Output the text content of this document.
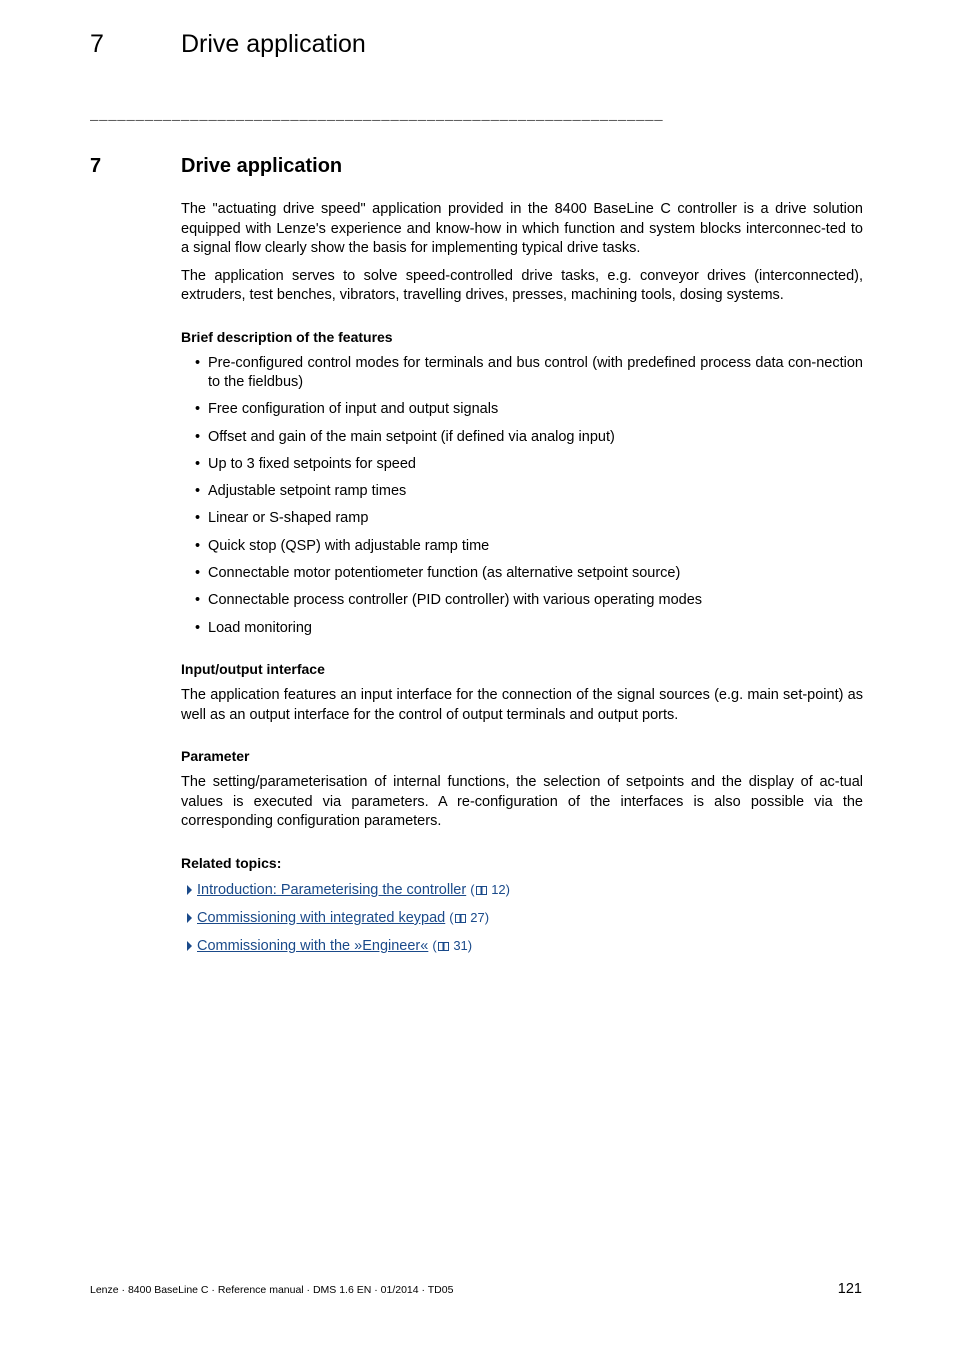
7	Drive application
_______________________________________________________________
7	Drive application

The "actuating drive speed" application provided in the 8400 BaseLine C controller is a drive solution equipped with Lenze's experience and know-how in which function and system blocks interconnec-ted to a signal flow clearly show the basis for implementing typical drive tasks.

The application serves to solve speed-controlled drive tasks, e.g. conveyor drives (interconnected), extruders, test benches, vibrators, travelling drives, presses, machining tools, dosing systems.

Brief description of the features
• Pre-configured control modes for terminals and bus control (with predefined process data con-nection to the fieldbus)
• Free configuration of input and output signals
• Offset and gain of the main setpoint (if defined via analog input)
• Up to 3 fixed setpoints for speed
• Adjustable setpoint ramp times
• Linear or S-shaped ramp
• Quick stop (QSP) with adjustable ramp time
• Connectable motor potentiometer function (as alternative setpoint source)
• Connectable process controller (PID controller) with various operating modes
• Load monitoring
Input/output interface

The application features an input interface for the connection of the signal sources (e.g. main set-point) as well as an output interface for the control of output terminals and output ports.

Parameter

The setting/parameterisation of internal functions, the selection of setpoints and the display of ac-tual values is executed via parameters. A re-configuration of the interfaces is also possible via the corresponding configuration parameters.

Related topics:
Introduction: Parameterising the controller ( 12)
Commissioning with integrated keypad ( 27)
Commissioning with the »Engineer« ( 31)
Lenze · 8400 BaseLine C · Reference manual · DMS 1.6 EN · 01/2014 · TD05	121
